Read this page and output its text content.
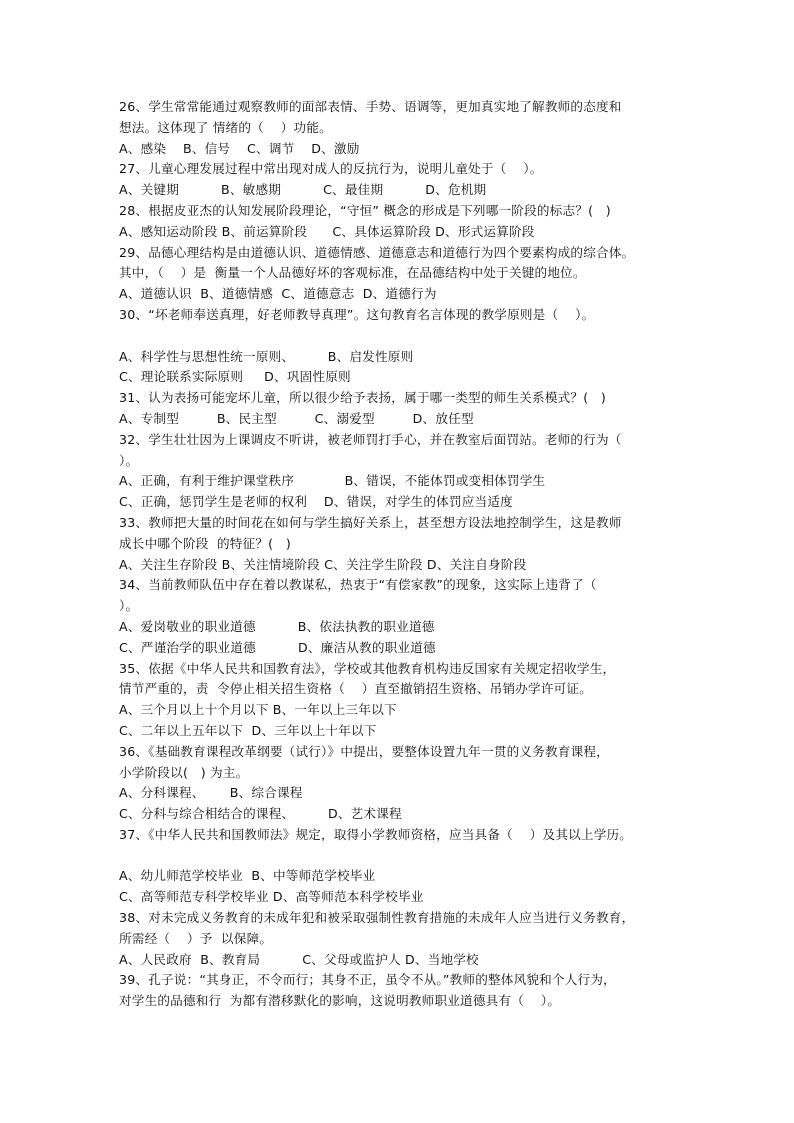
26、学生常常能通过观察教师的面部表情、手势、语调等，更加真实地了解教师的态度和
想法。这体现了 情绪的（    ）功能。
A、感染    B、信号    C、调节    D、激励
27、儿童心理发展过程中常出现对成人的反抗行为，说明儿童处于（    ）。
A、关键期          B、敏感期          C、最佳期          D、危机期
28、根据皮亚杰的认知发展阶段理论，“守恒” 概念的形成是下列哪一阶段的标志？(   )
A、感知运动阶段 B、前运算阶段      C、具体运算阶段 D、形式运算阶段
29、品德心理结构是由道德认识、道德情感、道德意志和道德行为四个要素构成的综合体。
其中，（    ）是  衡量一个人品德好坏的客观标准，在品德结构中处于关键的地位。
A、道德认识  B、道德情感  C、道德意志  D、道德行为
30、“坏老师奉送真理，好老师教导真理”。这句教育名言体现的教学原则是（    ）。
A、科学性与思想性统一原则、        B、启发性原则
C、理论联系实际原则     D、巩固性原则
31、认为表扬可能宠坏儿童，所以很少给予表扬，属于哪一类型的师生关系模式？(   )
A、专制型         B、民主型         C、溺爱型         D、放任型
32、学生壮壮因为上课调皮不听讲，被老师罚打手心，并在教室后面罚站。老师的行为（
）。
A、正确，有利于维护课堂秩序            B、错误，不能体罚或变相体罚学生
C、正确，惩罚学生是老师的权利    D、错误，对学生的体罚应当适度
33、教师把大量的时间花在如何与学生搞好关系上，甚至想方设法地控制学生，这是教师
成长中哪个阶段  的特征？(   )
A、关注生存阶段 B、关注情境阶段 C、关注学生阶段 D、关注自身阶段
34、当前教师队伍中存在着以教谋私，热衷于“有偿家教”的现象，这实际上违背了（
）。
A、爱岗敬业的职业道德          B、依法执教的职业道德
C、严谨治学的职业道德          D、廉洁从教的职业道德
35、依据《中华人民共和国教育法》，学校或其他教育机构违反国家有关规定招收学生，
情节严重的，责  令停止相关招生资格（    ）直至撤销招生资格、吊销办学许可证。
A、三个月以上十个月以下 B、一年以上三年以下
C、二年以上五年以下  D、三年以上十年以下
36、《基础教育课程改革纲要（试行）》中提出，要整体设置九年一贯的义务教育课程，
小学阶段以(   ) 为主。
A、分科课程、      B、综合课程
C、分科与综合相结合的课程、        D、艺术课程
37、《中华人民共和国教师法》规定，取得小学教师资格，应当具备（    ）及其以上学历。
A、幼儿师范学校毕业  B、中等师范学校毕业
C、高等师范专科学校毕业 D、高等师范本科学校毕业
38、对未完成义务教育的未成年犯和被采取强制性教育措施的未成年人应当进行义务教育，
所需经（    ）予  以保障。
A、人民政府  B、教育局          C、父母或监护人 D、当地学校
39、孔子说：“其身正，不令而行；其身不正，虽令不从。”教师的整体风貌和个人行为，
对学生的品德和行  为都有潜移默化的影响，这说明教师职业道德具有（    ）。
